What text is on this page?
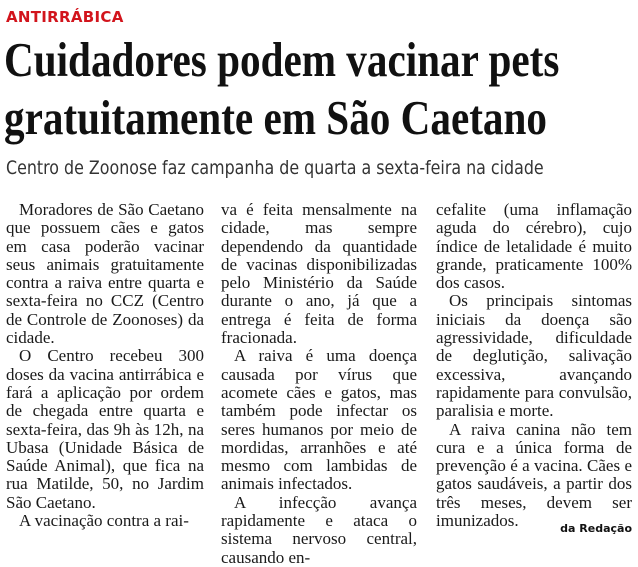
ANTIRRÁBICA
Cuidadores podem vacinar pets
gratuitamente em São Caetano
Centro de Zoonose faz campanha de quarta a sexta-feira na cidade

Moradores de São Caetano que possuem cães e gatos em casa poderão vacinar seus animais gratuitamente contra a raiva entre quarta e sexta-feira no CCZ (Centro de Controle de Zoonoses) da cidade.

O Centro recebeu 300 doses da vacina antirrábica e fará a aplicação por ordem de chegada entre quarta e sexta-feira, das 9h às 12h, na Ubasa (Unidade Básica de Saúde Animal), que fica na rua Matilde, 50, no Jardim São Caetano.

A vacinação contra a rai-

va é feita mensalmente na cidade, mas sempre dependendo da quantidade de vacinas disponibilizadas pelo Ministério da Saúde durante o ano, já que a entrega é feita de forma fracionada.

A raiva é uma doença causada por vírus que acomete cães e gatos, mas também pode infectar os seres humanos por meio de mordidas, arranhões e até mesmo com lambidas de animais infectados.

A infecção avança rapidamente e ataca o sistema nervoso central, causando en-

cefalite (uma inflamação aguda do cérebro), cujo índice de letalidade é muito grande, praticamente 100% dos casos.

Os principais sintomas iniciais da doença são agressividade, dificuldade de deglutição, salivação excessiva, avançando rapidamente para convulsão, paralisia e morte.

A raiva canina não tem cura e a única forma de prevenção é a vacina. Cães e gatos saudáveis, a partir dos três meses, devem ser imunizados.	da Redação
